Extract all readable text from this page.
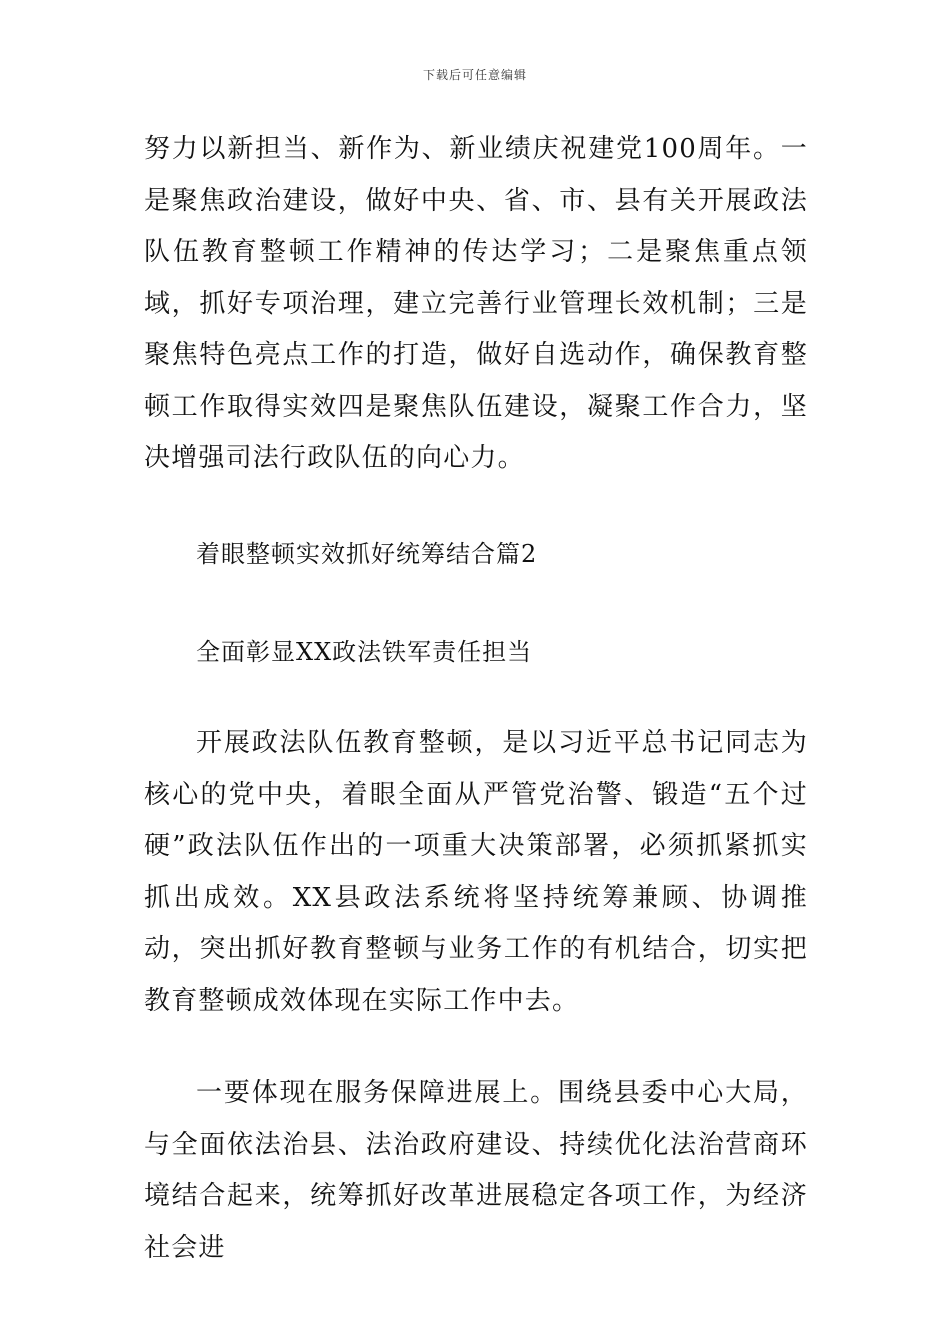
下载后可任意编辑

努力以新担当、新作为、新业绩庆祝建党100周年。一是聚焦政治建设，做好中央、省、市、县有关开展政法队伍教育整顿工作精神的传达学习；二是聚焦重点领域，抓好专项治理，建立完善行业管理长效机制；三是聚焦特色亮点工作的打造，做好自选动作，确保教育整顿工作取得实效四是聚焦队伍建设，凝聚工作合力，坚决增强司法行政队伍的向心力。

着眼整顿实效抓好统筹结合篇2
全面彰显XX政法铁军责任担当

开展政法队伍教育整顿，是以习近平总书记同志为核心的党中央，着眼全面从严管党治警、锻造“五个过硬”政法队伍作出的一项重大决策部署，必须抓紧抓实抓出成效。XX县政法系统将坚持统筹兼顾、协调推动，突出抓好教育整顿与业务工作的有机结合，切实把教育整顿成效体现在实际工作中去。

一要体现在服务保障进展上。围绕县委中心大局，与全面依法治县、法治政府建设、持续优化法治营商环境结合起来，统筹抓好改革进展稳定各项工作，为经济社会进
